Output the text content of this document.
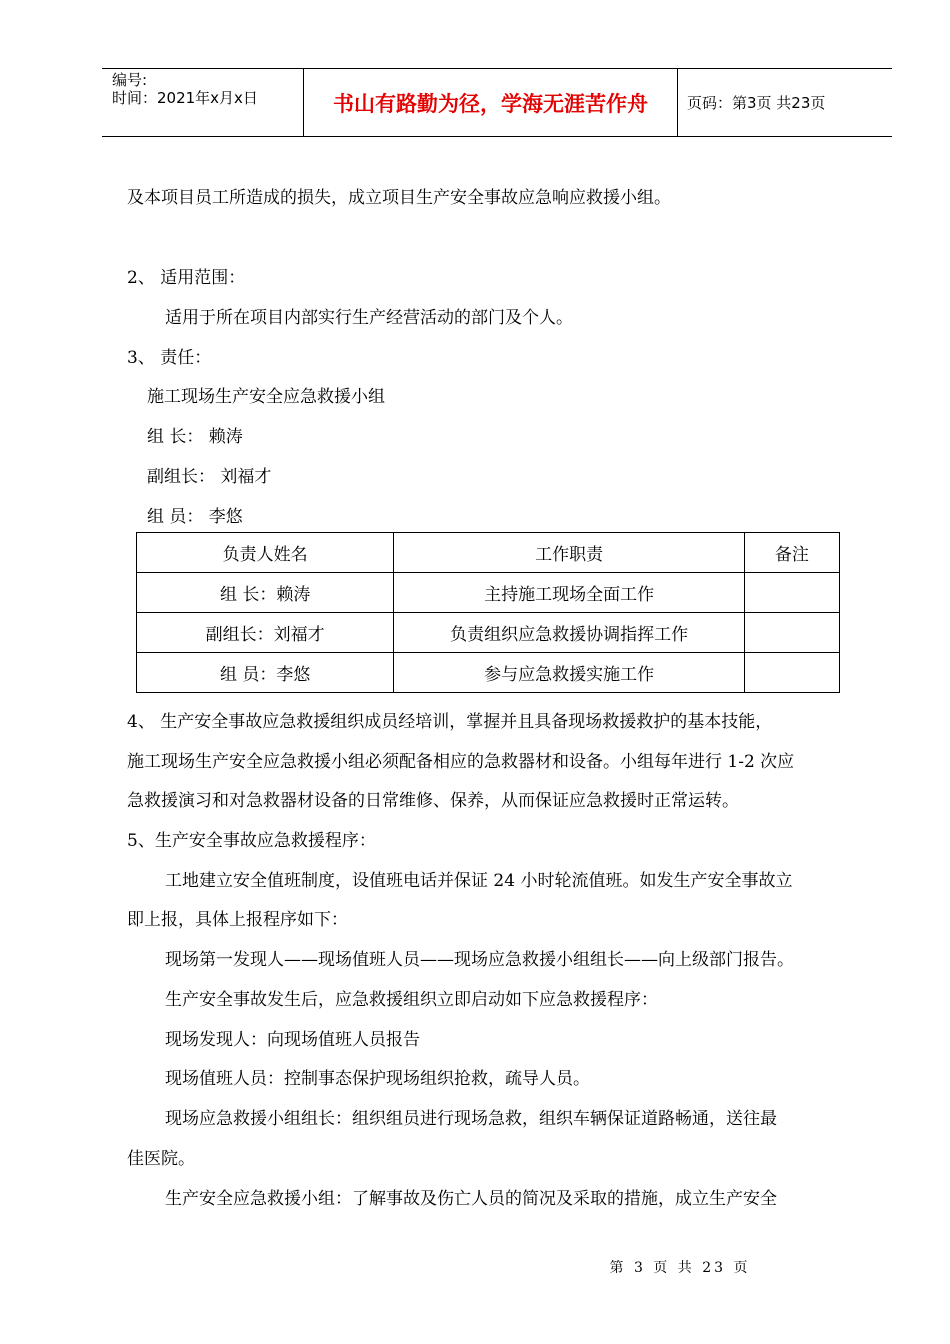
编号:
时间：2021年x月x日	书山有路勤为径，学海无涯苦作舟	页码：第3页 共23页
及本项目员工所造成的损失，成立项目生产安全事故应急响应救援小组。
2、 适用范围：
适用于所在项目内部实行生产经营活动的部门及个人。
3、 责任：
施工现场生产安全应急救援小组
组 长： 赖涛
副组长： 刘福才
组 员： 李悠
负责人姓名	工作职责	备注
组 长：赖涛	主持施工现场全面工作	
副组长：刘福才	负责组织应急救援协调指挥工作	
组 员：李悠	参与应急救援实施工作	
4、 生产安全事故应急救援组织成员经培训，掌握并且具备现场救援救护的基本技能，
施工现场生产安全应急救援小组必须配备相应的急救器材和设备。小组每年进行 1-2 次应
急救援演习和对急救器材设备的日常维修、保养，从而保证应急救援时正常运转。
5、生产安全事故应急救援程序：
工地建立安全值班制度，设值班电话并保证 24 小时轮流值班。如发生产安全事故立
即上报，具体上报程序如下：
现场第一发现人——现场值班人员——现场应急救援小组组长——向上级部门报告。
生产安全事故发生后，应急救援组织立即启动如下应急救援程序：
现场发现人：向现场值班人员报告
现场值班人员：控制事态保护现场组织抢救，疏导人员。
现场应急救援小组组长：组织组员进行现场急救，组织车辆保证道路畅通，送往最
佳医院。
生产安全应急救援小组：了解事故及伤亡人员的简况及采取的措施，成立生产安全
第 3 页 共 23 页
